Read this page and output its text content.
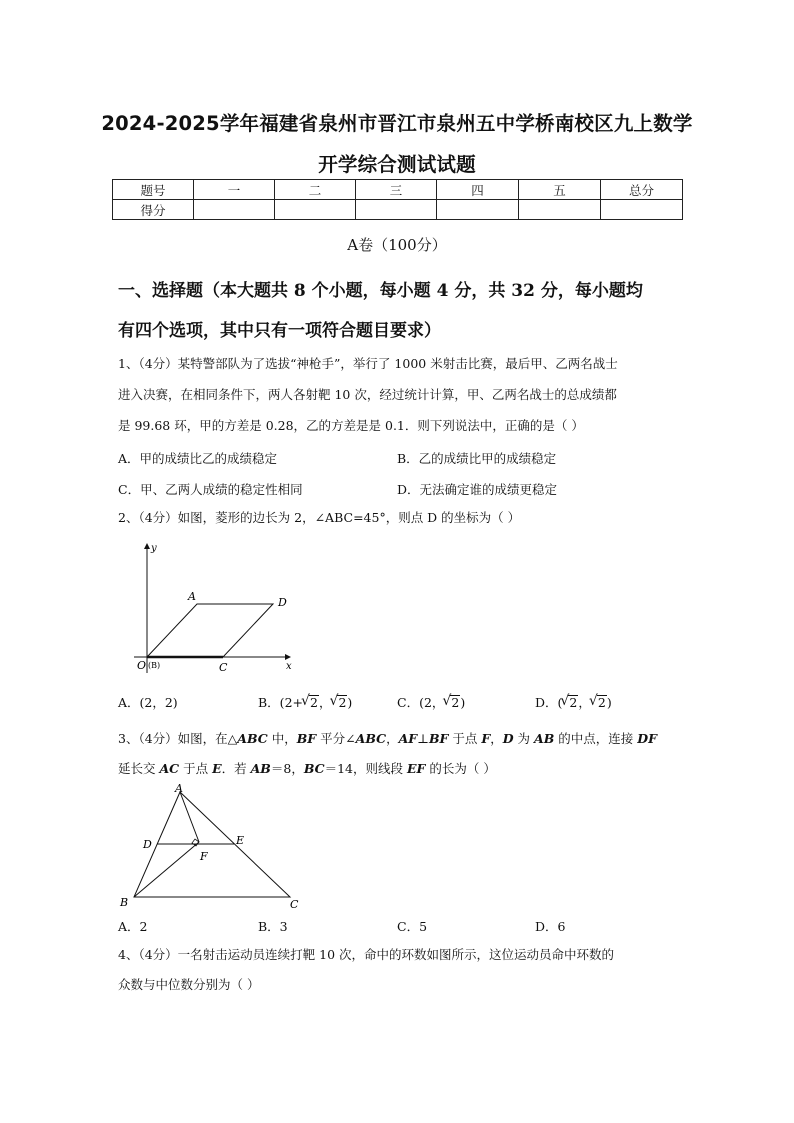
2024-2025学年福建省泉州市晋江市泉州五中学桥南校区九上数学
开学综合测试试题
题号	一	二	三	四	五	总分
得分						
A卷（100分）
一、选择题（本大题共 8 个小题，每小题 4 分，共 32 分，每小题均
有四个选项，其中只有一项符合题目要求）
1、（4分）某特警部队为了选拔“神枪手”，举行了 1000 米射击比赛，最后甲、乙两名战士
进入决赛，在相同条件下，两人各射靶 10 次，经过统计计算，甲、乙两名战士的总成绩都
是 99.68 环，甲的方差是 0.28，乙的方差是是 0.1．则下列说法中，正确的是（ ）
A．甲的成绩比乙的成绩稳定	B．乙的成绩比甲的成绩稳定
C．甲、乙两人成绩的稳定性相同	D．无法确定谁的成绩更稳定
2、（4分）如图，菱形的边长为 2，∠ABC=45°，则点 D 的坐标为（ ）
y
x
A	D
O (B)	C
A．(2，2)	B．(2+ √ 2， √ 2)	C．(2， √ 2)	D．( √ 2， √ 2)
3、（4分）如图，在△ABC 中，BF 平分∠ABC，AF⊥BF 于点 F，D 为 AB 的中点，连接 DF
延长交 AC 于点 E．若 AB＝8，BC＝14，则线段 EF 的长为（ ）
A
D	E
F
B	C
A．2	B．3	C．5	D．6
4、（4分）一名射击运动员连续打靶 10 次，命中的环数如图所示，这位运动员命中环数的
众数与中位数分别为（ ）
